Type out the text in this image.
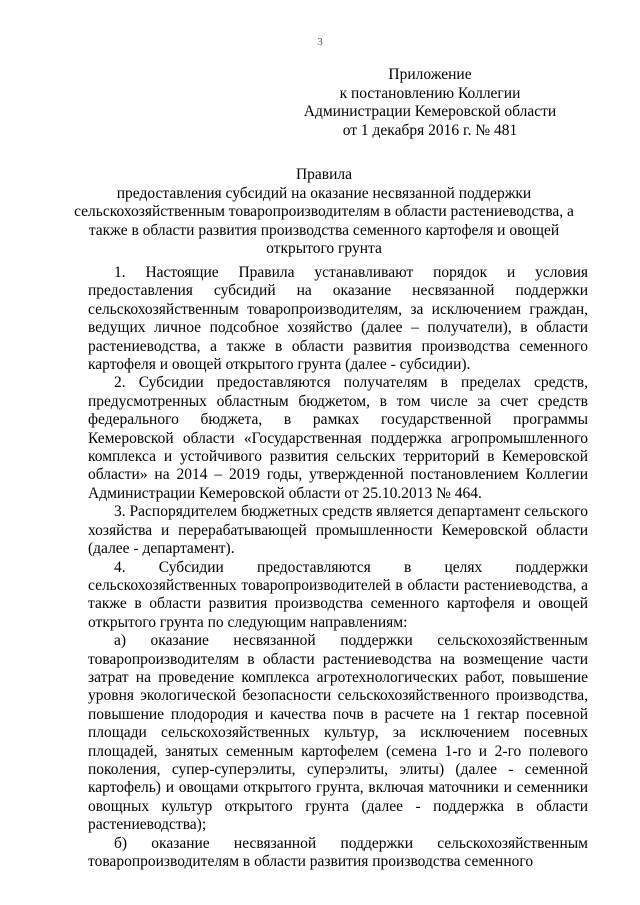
3
Приложение
к постановлению Коллегии
Администрации Кемеровской области
от 1 декабря 2016 г. № 481
Правила
предоставления субсидий на оказание несвязанной поддержки сельскохозяйственным товаропроизводителям в области растениеводства, а также в области развития производства семенного картофеля и овощей открытого грунта

1. Настоящие Правила устанавливают порядок и условия предоставления субсидий на оказание несвязанной поддержки сельскохозяйственным товаропроизводителям, за исключением граждан, ведущих личное подсобное хозяйство (далее – получатели), в области растениеводства, а также в области развития производства семенного картофеля и овощей открытого грунта (далее - субсидии).

2. Субсидии предоставляются получателям в пределах средств, предусмотренных областным бюджетом, в том числе за счет средств федерального бюджета, в рамках государственной программы Кемеровской области «Государственная поддержка агропромышленного комплекса и устойчивого развития сельских территорий в Кемеровской области» на 2014 – 2019 годы, утвержденной постановлением Коллегии Администрации Кемеровской области от 25.10.2013 № 464.

3. Распорядителем бюджетных средств является департамент сельского хозяйства и перерабатывающей промышленности Кемеровской области (далее - департамент).

4. Субсидии предоставляются в целях поддержки сельскохозяйственных товаропроизводителей в области растениеводства, а также в области развития производства семенного картофеля и овощей открытого грунта по следующим направлениям:

а) оказание несвязанной поддержки сельскохозяйственным товаропроизводителям в области растениеводства на возмещение части затрат на проведение комплекса агротехнологических работ, повышение уровня экологической безопасности сельскохозяйственного производства, повышение плодородия и качества почв в расчете на 1 гектар посевной площади сельскохозяйственных культур, за исключением посевных площадей, занятых семенным картофелем (семена 1-го и 2-го полевого поколения, супер-суперэлиты, суперэлиты, элиты) (далее - семенной картофель) и овощами открытого грунта, включая маточники и семенники овощных культур открытого грунта (далее - поддержка в области растениеводства);

б) оказание несвязанной поддержки сельскохозяйственным товаропроизводителям в области развития производства семенного
